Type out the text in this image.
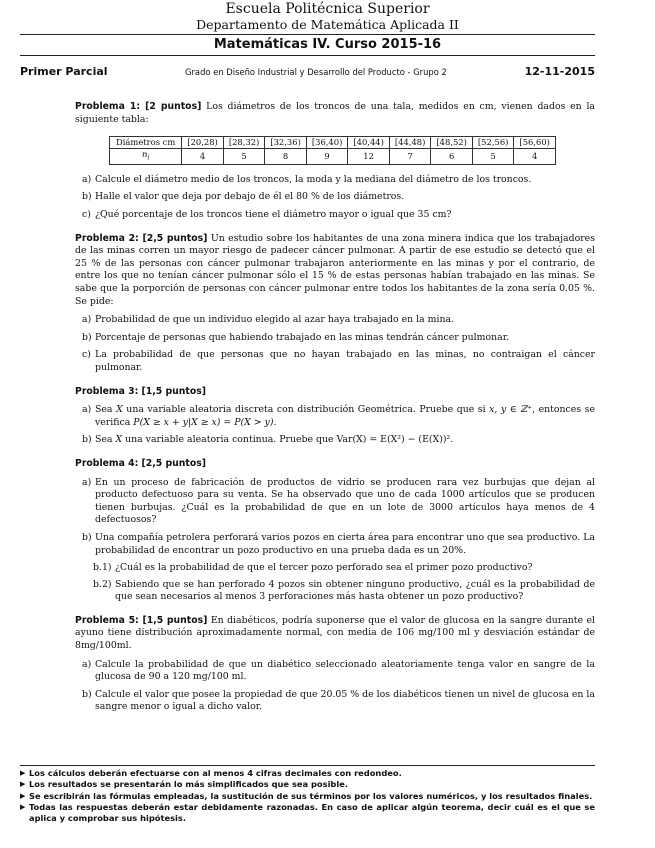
Escuela Politécnica Superior
Departamento de Matemática Aplicada II
Matemáticas IV. Curso 2015-16
Primer Parcial	Grado en Diseño Industrial y Desarrollo del Producto - Grupo 2	12-11-2015

Problema 1: [2 puntos] Los diámetros de los troncos de una tala, medidos en cm, vienen dados en la siguiente tabla:

Diámetros cm	[20,28)	[28,32)	[32,36)	[36,40)	[40,44)	[44,48)	[48,52)	[52,56)	[56,60)
$n_i$	4	5	8	9	12	7	6	5	4
a) Calcule el diámetro medio de los troncos, la moda y la mediana del diámetro de los troncos.
b) Halle el valor que deja por debajo de él el 80 % de los diámetros.
c) ¿Qué porcentaje de los troncos tiene el diámetro mayor o igual que 35 cm?

Problema 2: [2,5 puntos] Un estudio sobre los habitantes de una zona minera indica que los trabajadores de las minas corren un mayor riesgo de padecer cáncer pulmonar. A partir de ese estudio se detectó que el 25 % de las personas con cáncer pulmonar trabajaron anteriormente en las minas y por el contrario, de entre los que no tenían cáncer pulmonar sólo el 15 % de estas personas habían trabajado en las minas. Se sabe que la porporción de personas con cáncer pulmonar entre todos los habitantes de la zona sería 0.05 %. Se pide:

a) Probabilidad de que un individuo elegido al azar haya trabajado en la mina.
b) Porcentaje de personas que habiendo trabajado en las minas tendrán cáncer pulmonar.
c) La probabilidad de que personas que no hayan trabajado en las minas, no contraigan el cáncer pulmonar.

Problema 3: [1,5 puntos]

a) Sea X una variable aleatoria discreta con distribución Geométrica. Pruebe que si x, y ∈ ℤ⁺, entonces se verifica P(X ≥ x + y|X ≥ x) = P(X > y).
b) Sea X una variable aleatoria continua. Pruebe que Var(X) = E(X²) − (E(X))².

Problema 4: [2,5 puntos]

a) En un proceso de fabricación de productos de vidrio se producen rara vez burbujas que dejan al producto defectuoso para su venta. Se ha observado que uno de cada 1000 artículos que se producen tienen burbujas. ¿Cuál es la probabilidad de que en un lote de 3000 artículos haya menos de 4 defectuosos?
b) Una compañía petrolera perforará varios pozos en cierta área para encontrar uno que sea productivo. La probabilidad de encontrar un pozo productivo en una prueba dada es un 20%.
b.1) ¿Cuál es la probabilidad de que el tercer pozo perforado sea el primer pozo productivo?
b.2) Sabiendo que se han perforado 4 pozos sin obtener ninguno productivo, ¿cuál es la probabilidad de que sean necesarios al menos 3 perforaciones más hasta obtener un pozo productivo?

Problema 5: [1,5 puntos] En diabéticos, podría suponerse que el valor de glucosa en la sangre durante el ayuno tiene distribución aproximadamente normal, con media de 106 mg/100 ml y desviación estándar de 8mg/100ml.

a) Calcule la probabilidad de que un diabético seleccionado aleatoriamente tenga valor en sangre de la glucosa de 90 a 120 mg/100 ml.
b) Calcule el valor que posee la propiedad de que 20.05 % de los diabéticos tienen un nivel de glucosa en la sangre menor o igual a dicho valor.
▶ Los cálculos deberán efectuarse con al menos 4 cifras decimales con redondeo.
▶ Los resultados se presentarán lo más simplificados que sea posible.
▶ Se escribirán las fórmulas empleadas, la sustitución de sus términos por los valores numéricos, y los resultados finales.
▶ Todas las respuestas deberán estar debidamente razonadas. En caso de aplicar algún teorema, decir cuál es el que se aplica y comprobar sus hipótesis.
